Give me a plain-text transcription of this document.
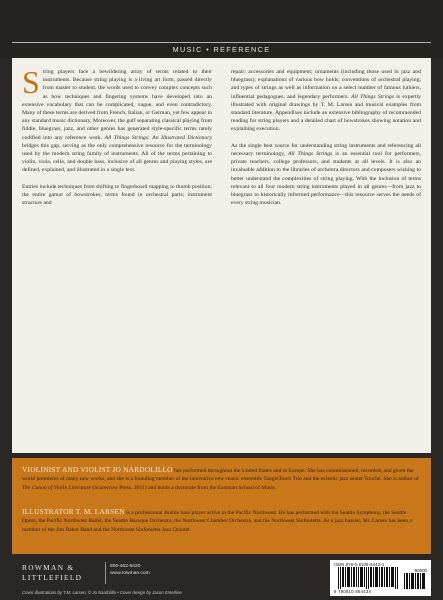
MUSIC • REFERENCE

String players face a bewildering array of terms related to their instruments. Because string playing is a living art form, passed directly from master to student, the words used to convey complex concepts such as bow techniques and fingering systems have developed into an extensive vocabulary that can be complicated, vague, and even contradictory. Many of these terms are derived from French, Italian, or German, yet few appear in any standard music dictionary. Moreover, the gulf separating classical playing from fiddle, bluegrass, jazz, and other genres has generated style-specific terms rarely codified into any reference work. All Things Strings: An Illustrated Dictionary bridges this gap, serving as the only comprehensive resource for the terminology used by the modern string family of instruments. All of the terms pertaining to violin, viola, cello, and double bass, inclusive of all genres and playing styles, are defined, explained, and illustrated in a single text.

Entries include techniques from shifting to fingerboard mapping to thumb position; the entire gamut of bowstrokes; terms found in orchestral parts; instrument structure and

repair; accessories and equipment; ornaments (including those used in jazz and bluegrass); explanations of various bow holds; conventions of orchestral playing; and types of strings as well as information on a select number of famous luthiers, influential pedagogues, and legendary performers. All Things Strings is expertly illustrated with original drawings by T. M. Larsen and musical examples from standard literature. Appendixes include an extensive bibliography of recommended reading for string players and a detailed chart of bowstrokes showing notation and explaining execution.

As the single best source for understanding string instruments and referencing all necessary terminology, All Things Strings is an essential tool for performers, private teachers, college professors, and students at all levels. It is also an invaluable addition to the libraries of orchestra directors and composers wishing to better understand the complexities of string playing. With the inclusion of terms relevant to all four modern string instruments played in all genres—from jazz to bluegrass to historically informed performance—this resource serves the needs of every string musician.

VIOLINIST AND VIOLIST JO NARDOLILLO has performed throughout the United States and in Europe. She has commissioned, recorded, and given the world premieres of many new works, and she is a founding member of the innovative new-music ensemble TangleTown Trio and the eclectic jazz sextet Touché. She is author of The Canon of Violin Literature (Scarecrow Press, 2011) and holds a doctorate from the Eastman School of Music.
ILLUSTRATOR T. M. LARSEN is a professional double bass player active in the Pacific Northwest. He has performed with the Seattle Symphony, the Seattle Opera, the Pacific Northwest Ballet, the Seattle Baroque Orchestra, the Northwest Chamber Orchestra, and the Northwest Sinfonietta. As a jazz bassist, Mr. Larsen has been a member of the Jim Baker Band and the Northwest Sinfonietta Jazz Quintet.
ROWMAN &
LITTLEFIELD
800-462-6420
www.rowman.com
Cover illustrations by T.M. Larsen, © Jo Nardolillo • Cover design by Jason Enterline
ISBN 978-0-8108-8443-4
90000
9 780810 884434
